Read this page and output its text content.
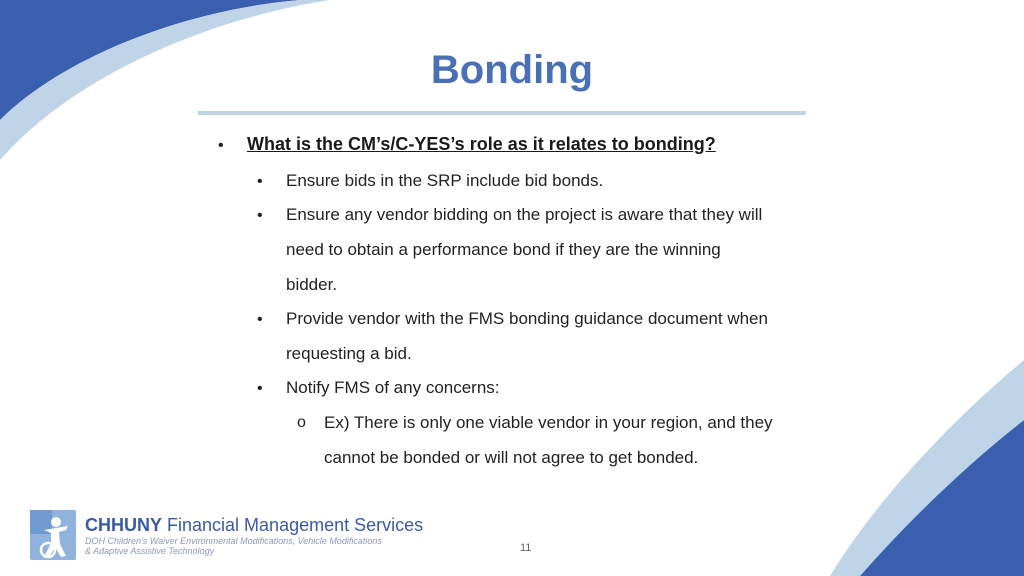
Bonding
• What is the CM’s/C-YES’s role as it relates to bonding?
• Ensure bids in the SRP include bid bonds.
• Ensure any vendor bidding on the project is aware that they will
need to obtain a performance bond if they are the winning
bidder.
• Provide vendor with the FMS bonding guidance document when
requesting a bid.
• Notify FMS of any concerns:
o Ex) There is only one viable vendor in your region, and they
cannot be bonded or will not agree to get bonded.
CHHUNY Financial Management Services
DOH Children's Waiver Environmental Modifications, Vehicle Modifications
& Adaptive Assistive Technology	11
